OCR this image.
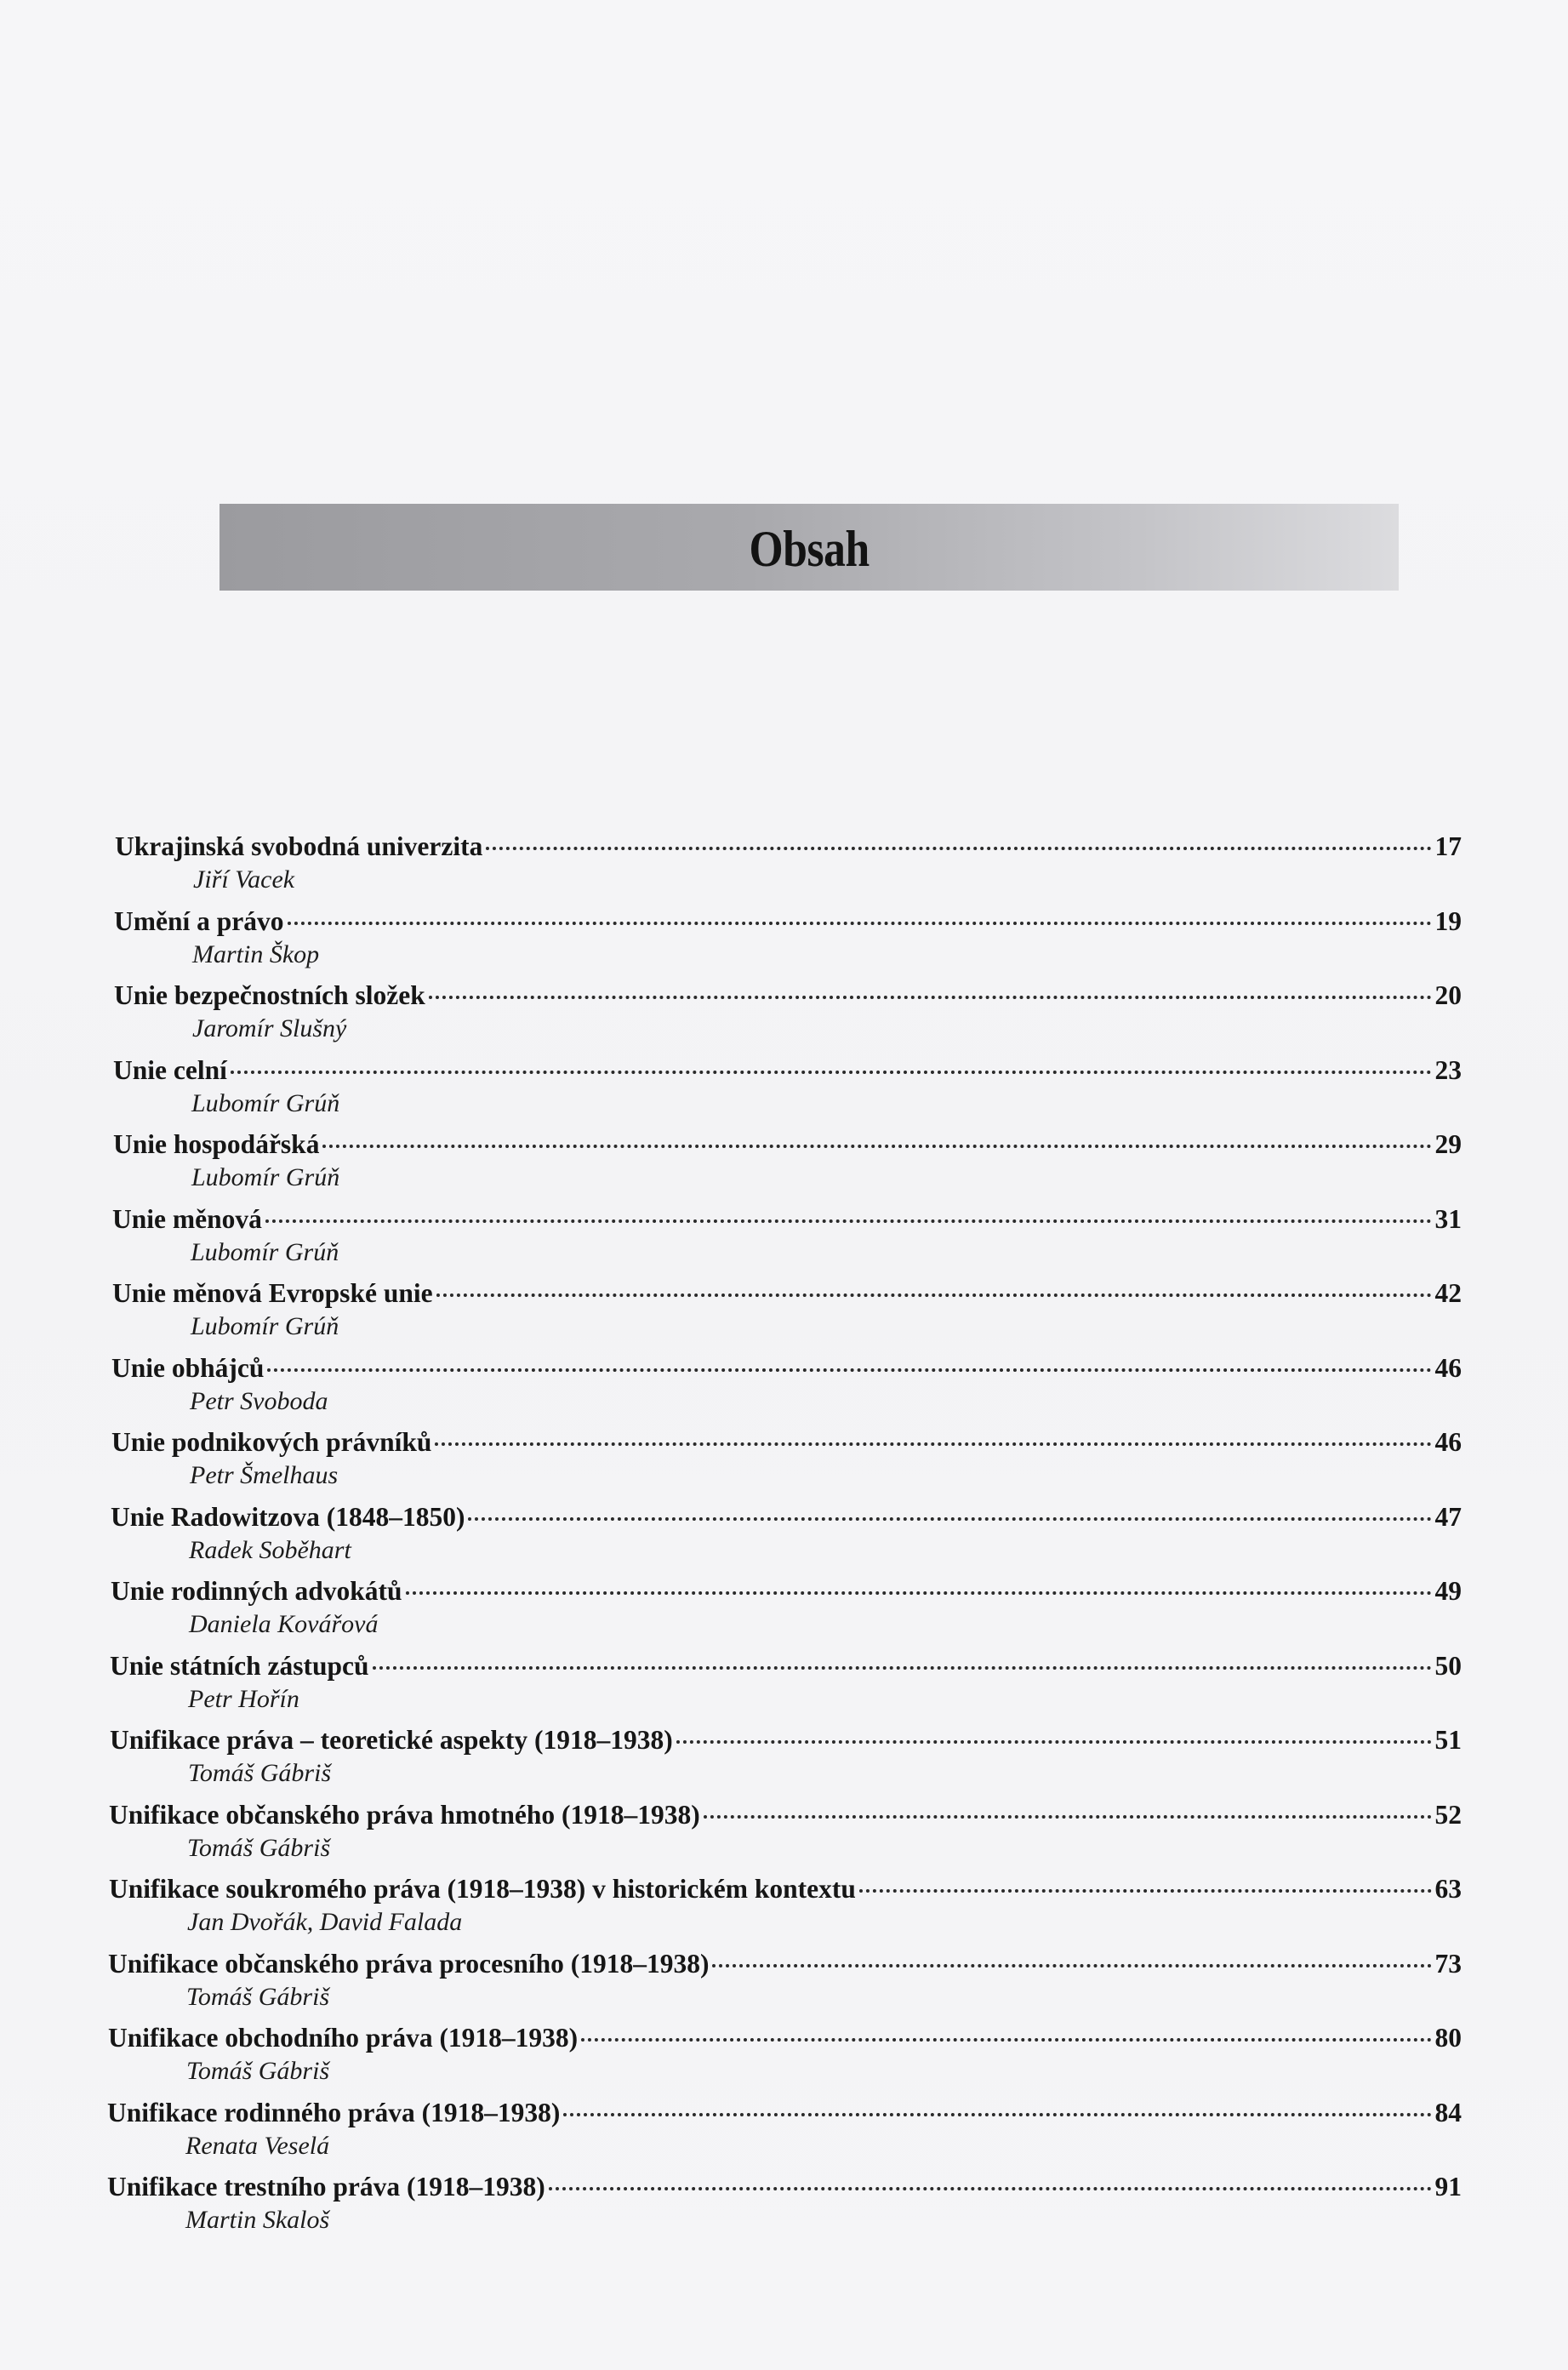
Obsah
Ukrajinská svobodná univerzita	17
Jiří Vacek
Umění a právo	19
Martin Škop
Unie bezpečnostních složek	20
Jaromír Slušný
Unie celní	23
Lubomír Grúň
Unie hospodářská	29
Lubomír Grúň
Unie měnová	31
Lubomír Grúň
Unie měnová Evropské unie	42
Lubomír Grúň
Unie obhájců	46
Petr Svoboda
Unie podnikových právníků	46
Petr Šmelhaus
Unie Radowitzova (1848–1850)	47
Radek Soběhart
Unie rodinných advokátů	49
Daniela Kovářová
Unie státních zástupců	50
Petr Hořín
Unifikace práva – teoretické aspekty (1918–1938)	51
Tomáš Gábriš
Unifikace občanského práva hmotného (1918–1938)	52
Tomáš Gábriš
Unifikace soukromého práva (1918–1938) v historickém kontextu	63
Jan Dvořák, David Falada
Unifikace občanského práva procesního (1918–1938)	73
Tomáš Gábriš
Unifikace obchodního práva (1918–1938)	80
Tomáš Gábriš
Unifikace rodinného práva (1918–1938)	84
Renata Veselá
Unifikace trestního práva (1918–1938)	91
Martin Skaloš
